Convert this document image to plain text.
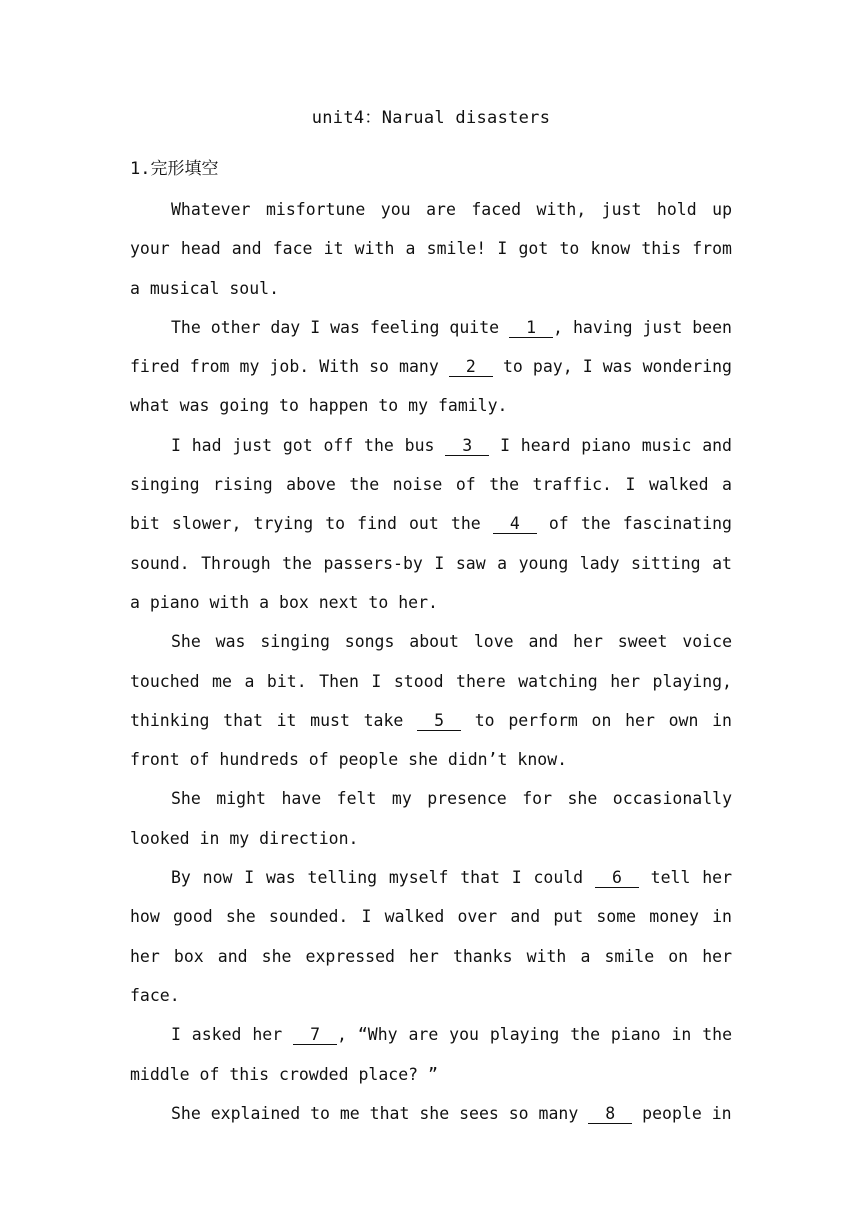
unit4：Narual disasters
1.完形填空

Whatever misfortune you are faced with, just hold up your head and face it with a smile! I got to know this from a musical soul.

The other day I was feeling quite 1 , having just been fired from my job. With so many 2 to pay, I was wondering what was going to happen to my family.

I had just got off the bus 3 I heard piano music and singing rising above the noise of the traffic. I walked a bit slower, trying to find out the 4 of the fascinating sound. Through the passers-by I saw a young lady sitting at a piano with a box next to her.

She was singing songs about love and her sweet voice touched me a bit. Then I stood there watching her playing, thinking that it must take 5 to perform on her own in front of hundreds of people she didn’t know.

She might have felt my presence for she occasionally looked in my direction.

By now I was telling myself that I could 6 tell her how good she sounded. I walked over and put some money in her box and she expressed her thanks with a smile on her face.

I asked her 7 , “Why are you playing the piano in the middle of this crowded place? ”

She explained to me that she sees so many 8 people in
